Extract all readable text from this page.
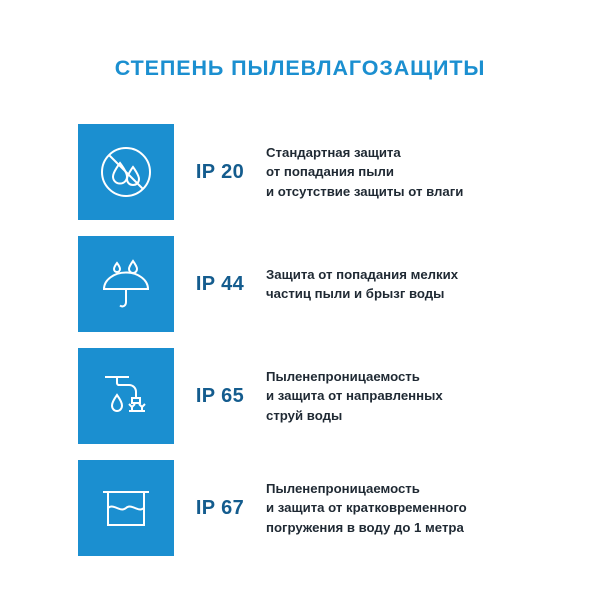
СТЕПЕНЬ ПЫЛЕВЛАГОЗАЩИТЫ
IP 20
Стандартная защита
от попадания пыли
и отсутствие защиты от влаги
IP 44	Защита от попадания мелких
частиц пыли и брызг воды
IP 65
Пыленепроницаемость
и защита от направленных
струй воды
IP 67
Пыленепроницаемость
и защита от кратковременного
погружения в воду до 1 метра
